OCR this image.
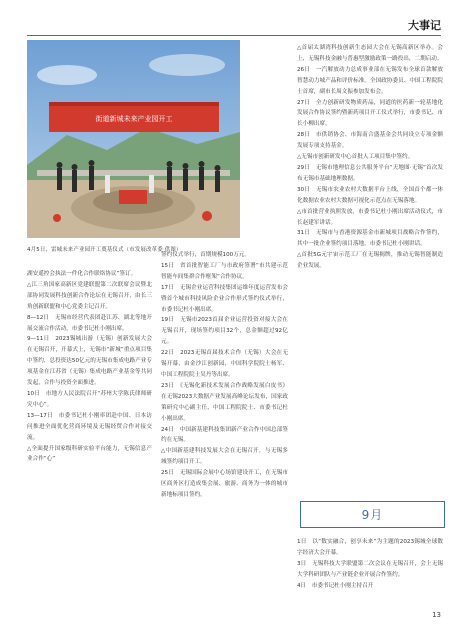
大事记
街道新城未来产业园开工
4月5日，雷城未来产业园开工奠基仪式（市发展改革委 供图）

△首届太湖湾科技创新生态园大会在无锡高新区举办。会上，无锡科技金融与普惠型激励政策一路投出，二期启动。

26日　一汽解放动力总成事业部在无锡发布全球首款解放智慧动力城产品和评价标准。全国政协委员、中国工程院院士首席，副市长周文振参加发布会。

27日　全力创新研发物质药品，同道的医药新一轮基地化发展合作协议签约暨新药项目开工仪式举行，市委书记、市长小柳出席。

28日　市供销协会、市海南合盛基金会共同设立专项金额发展专项支持基金。

△无锡市创新研发中心首批人工项目集中签约。

29日　无锡市地理信息公共服务平台“天地图·无锡”首次发布无锡市基础地理数据。

30日　无锡市农业农村大数据平台上线，全国首个都一体化数据农业农村大数据可视化示范点在无锡落地。

△市首批营业执照发放，市委书记杜小刚出席活动仪式，市长赵建军讲话。

31日　无锡市与香港资源基金市新城项目战略合作签约，其中一批企业签约项目落地。市委书记杜小刚讲话。

△首批5G元宇宙示范工厂在无锡揭牌，推动无锡智能制造企业发展。

湖安遥控会执法一件化合作联络协议”签订。

△江三角国家高新区党建联盟第二次联席会议暨北部协同发展科技创新合作论坛在无锡召开，由长三角创新联盟和中心党委主记召开。

8—12日　无锡市经营代表团赴江苏、湖北等地开展交流合作活动，市委书记杜小刚出席。

9—11日　2023锡城出游（无锡）创新发展大会在无锡召开，开幕式上，无锡市“新城”重点项目集中签约，总投资达50亿元的无锡市集成电路产业专项基金在江苏省（无锡）集成电路产业基金等共同发起，合作与投资全面推进。

10日　市地方人民法院召开“苏州大学陈氏律师研究中心”。

13—17日　市委书记杜小刚率团赴中国、日本访问推进全面优化营商环境及无锡经贸合作对接交流。

△全面提升国家级科研实验平台能力，无锡信息产业合作“心”

签约仪式举行，首期规模100万元。

15日　省首批智能工厂与市政府签署“市共建示范智能车间集群合作框架”合作协议。

17日　无锡企业运营科技集团运维年度运营发布会暨首个城市科技风险企业合作形式签约仪式举行，市委书记杜小刚出席。

19日　无锡市2023首届企业运营投资对接大会在无锡召开，现场签约项目32个，总金额超过92亿元。

22日　2023无锡首届技术合作（无锡）大会在无锡开幕，由金沙江创新园，中国科学院院士杨军、中国工程院院士吴丹等出席。

23日　《无锡化新技术发展合作战略发展白皮书》在无锡2023大数据产业发展高峰论坛发布，国家政策研究中心副主任、中国工程院院士、市委书记杜小刚出席。

24日　中国新基建科技集团新产业合作中国总部签约在无锡。

△中国新基建科技发展大会在无锡召开，与无锡多城签约项目开工。

25日　无锡国际会展中心场馆建设开工，在无锡市区商务区打造成集会展、旅游、商务为一体的城市新地标项目签约。

9月

1日　以“数实融合，创享未来”为主题的2023锡城全球数字经济大会开幕。

3日　无锡科技大学联盟第二次会议在无锡召开，会上无锡大学科研团队与产业链企业开展合作签约。

4日　市委书记杜小刚主持召开

13
